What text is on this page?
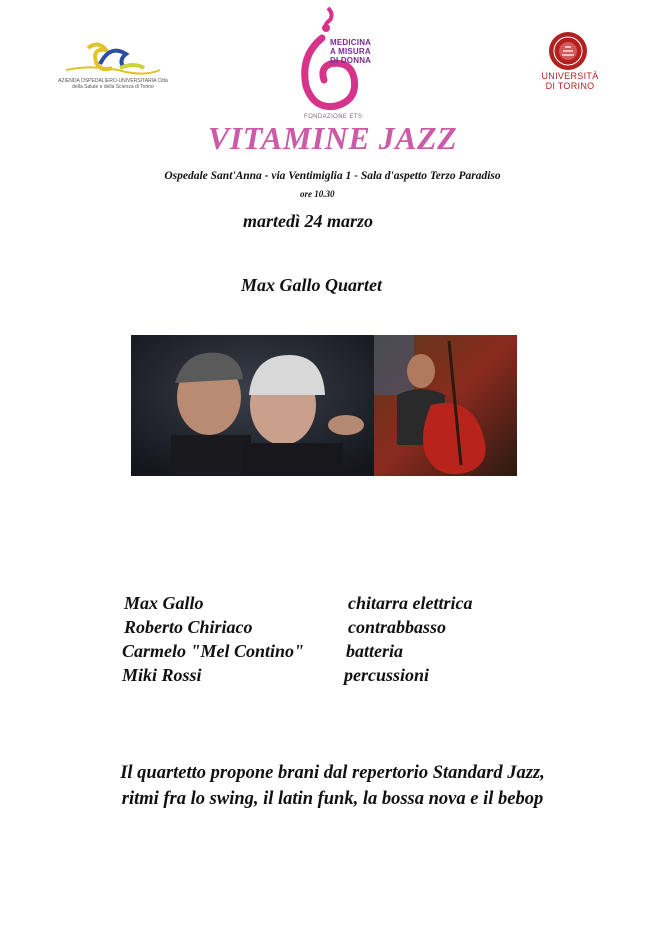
AZIENDA OSPEDALIERO-UNIVERSITARIA Città della Salute e della Scienza di Torino
MEDICINA
A MISURA
DI DONNA
FONDAZIONE ETS
UNIVERSITÀ
DI TORINO
VITAMINE JAZZ
Ospedale Sant'Anna - via Ventimiglia 1 - Sala d'aspetto Terzo Paradiso
ore 10.30
martedì 24 marzo
Max Gallo Quartet
Max Gallo	chitarra elettrica
Roberto Chiriaco	contrabbasso
Carmelo "Mel Contino" batteria
Miki Rossi	percussioni
Il quartetto propone brani dal repertorio Standard Jazz,
ritmi fra lo swing, il latin funk, la bossa nova e il bebop
